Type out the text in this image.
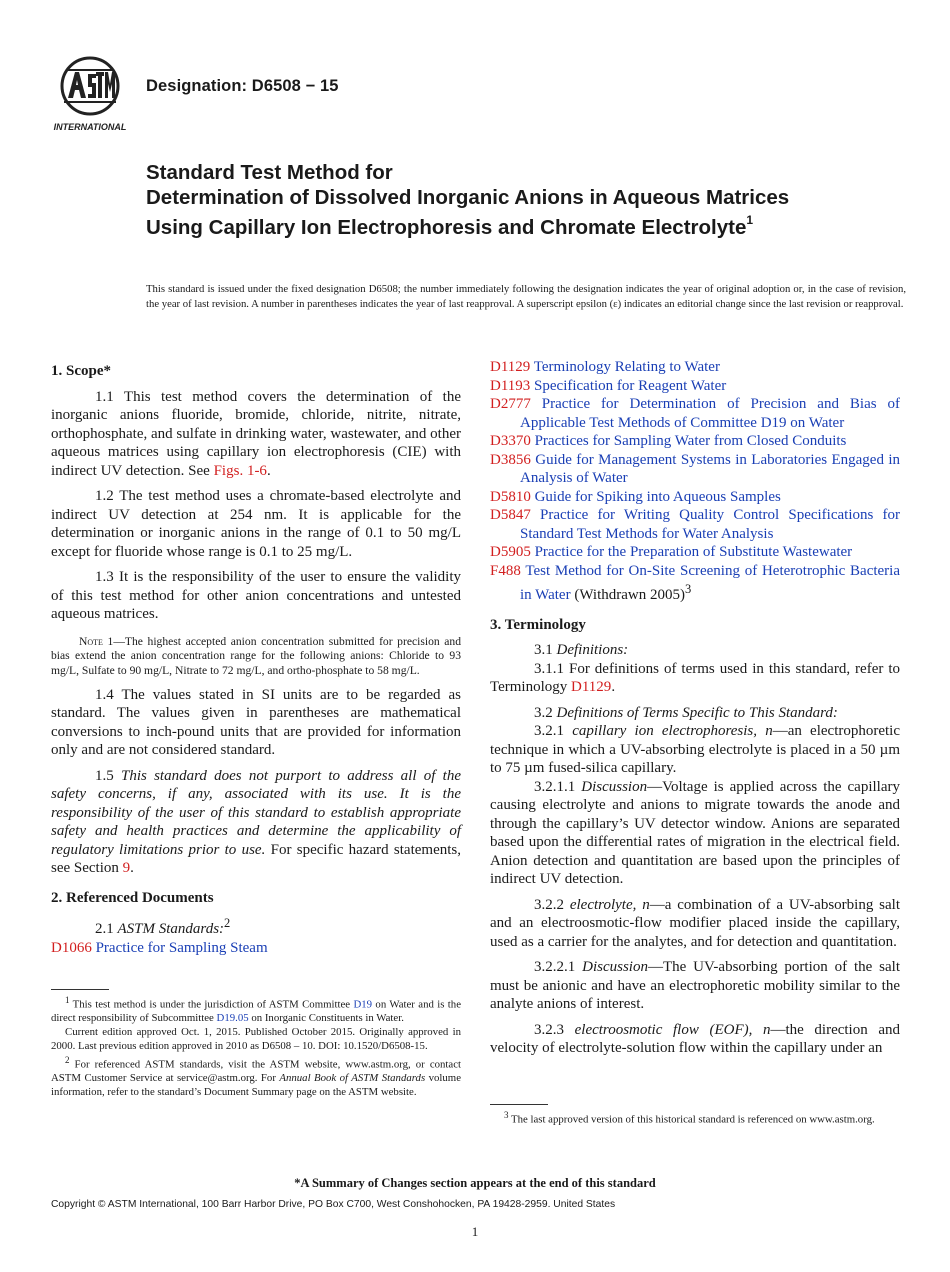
INTERNATIONAL
Designation: D6508 − 15
Standard Test Method for
Determination of Dissolved Inorganic Anions in Aqueous Matrices Using Capillary Ion Electrophoresis and Chromate Electrolyte$^1$
This standard is issued under the fixed designation D6508; the number immediately following the designation indicates the year of original adoption or, in the case of revision, the year of last revision. A number in parentheses indicates the year of last reapproval. A superscript epsilon (ε) indicates an editorial change since the last revision or reapproval.

1. Scope*

1.1 This test method covers the determination of the inorganic anions fluoride, bromide, chloride, nitrite, nitrate, orthophosphate, and sulfate in drinking water, wastewater, and other aqueous matrices using capillary ion electrophoresis (CIE) with indirect UV detection. See Figs. 1-6.

1.2 The test method uses a chromate-based electrolyte and indirect UV detection at 254 nm. It is applicable for the determination or inorganic anions in the range of 0.1 to 50 mg/L except for fluoride whose range is 0.1 to 25 mg/L.

1.3 It is the responsibility of the user to ensure the validity of this test method for other anion concentrations and untested aqueous matrices.

Note 1—The highest accepted anion concentration submitted for precision and bias extend the anion concentration range for the following anions: Chloride to 93 mg/L, Sulfate to 90 mg/L, Nitrate to 72 mg/L, and ortho-phosphate to 58 mg/L.

1.4 The values stated in SI units are to be regarded as standard. The values given in parentheses are mathematical conversions to inch-pound units that are provided for information only and are not considered standard.

1.5 This standard does not purport to address all of the safety concerns, if any, associated with its use. It is the responsibility of the user of this standard to establish appropriate safety and health practices and determine the applicability of regulatory limitations prior to use. For specific hazard statements, see Section 9.

2. Referenced Documents

2.1 ASTM Standards:$^2$

D1066 Practice for Sampling Steam

$^1$ This test method is under the jurisdiction of ASTM Committee D19 on Water and is the direct responsibility of Subcommittee D19.05 on Inorganic Constituents in Water.

Current edition approved Oct. 1, 2015. Published October 2015. Originally approved in 2000. Last previous edition approved in 2010 as D6508 – 10. DOI: 10.1520/D6508-15.

$^2$ For referenced ASTM standards, visit the ASTM website, www.astm.org, or contact ASTM Customer Service at service@astm.org. For Annual Book of ASTM Standards volume information, refer to the standard’s Document Summary page on the ASTM website.

D1129 Terminology Relating to Water

D1193 Specification for Reagent Water

D2777 Practice for Determination of Precision and Bias of Applicable Test Methods of Committee D19 on Water

D3370 Practices for Sampling Water from Closed Conduits

D3856 Guide for Management Systems in Laboratories Engaged in Analysis of Water

D5810 Guide for Spiking into Aqueous Samples

D5847 Practice for Writing Quality Control Specifications for Standard Test Methods for Water Analysis

D5905 Practice for the Preparation of Substitute Wastewater

F488 Test Method for On-Site Screening of Heterotrophic Bacteria in Water (Withdrawn 2005)$^3$

3. Terminology

3.1 Definitions:

3.1.1 For definitions of terms used in this standard, refer to Terminology D1129.

3.2 Definitions of Terms Specific to This Standard:

3.2.1 capillary ion electrophoresis, n—an electrophoretic technique in which a UV-absorbing electrolyte is placed in a 50 µm to 75 µm fused-silica capillary.

3.2.1.1 Discussion—Voltage is applied across the capillary causing electrolyte and anions to migrate towards the anode and through the capillary’s UV detector window. Anions are separated based upon the differential rates of migration in the electrical field. Anion detection and quantitation are based upon the principles of indirect UV detection.

3.2.2 electrolyte, n—a combination of a UV-absorbing salt and an electroosmotic-flow modifier placed inside the capillary, used as a carrier for the analytes, and for detection and quantitation.

3.2.2.1 Discussion—The UV-absorbing portion of the salt must be anionic and have an electrophoretic mobility similar to the analyte anions of interest.

3.2.3 electroosmotic flow (EOF), n—the direction and velocity of electrolyte-solution flow within the capillary under an

$^3$ The last approved version of this historical standard is referenced on www.astm.org.

*A Summary of Changes section appears at the end of this standard
Copyright © ASTM International, 100 Barr Harbor Drive, PO Box C700, West Conshohocken, PA 19428-2959. United States
1
